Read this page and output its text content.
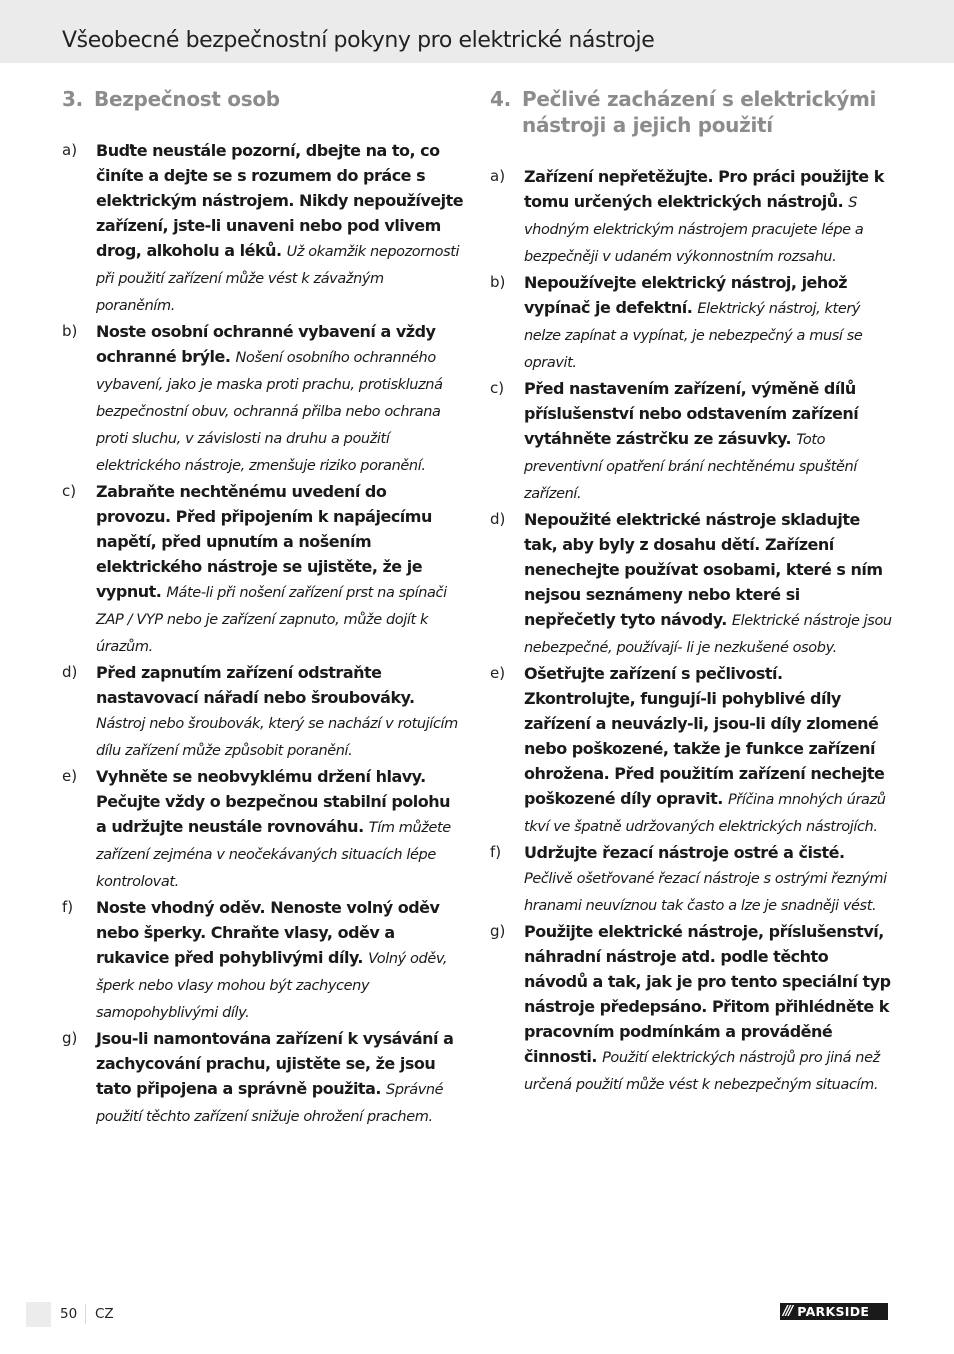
Všeobecné bezpečnostní pokyny pro elektrické nástroje
3. Bezpečnost osob
a)	Buďte neustále pozorní, dbejte na to, co činíte a dejte se s rozumem do práce s elektrickým nástrojem. Nikdy nepoužívejte zařízení, jste-li unaveni nebo pod vlivem drog, alkoholu a léků. Už okamžik nepozornosti při použití zařízení může vést k závažným poraněním.
b)	Noste osobní ochranné vybavení a vždy ochranné brýle. Nošení osobního ochranného vybavení, jako je maska proti prachu, protiskluzná bezpečnostní obuv, ochranná přilba nebo ochrana proti sluchu, v závislosti na druhu a použití elektrického nástroje, zmenšuje riziko poranění.
c)	Zabraňte nechtěnému uvedení do provozu. Před připojením k napájecímu napětí, před upnutím a nošením elektrického nástroje se ujistěte, že je vypnut. Máte-li při nošení zařízení prst na spínači ZAP / VYP nebo je zařízení zapnuto, může dojít k úrazům.
d)	Před zapnutím zařízení odstraňte nastavovací nářadí nebo šroubováky. Nástroj nebo šroubovák, který se nachází v rotujícím dílu zařízení může způsobit poranění.
e)	Vyhněte se neobvyklému držení hlavy. Pečujte vždy o bezpečnou stabilní polohu a udržujte neustále rovnováhu. Tím můžete zařízení zejména v neočekávaných situacích lépe kontrolovat.
f)	Noste vhodný oděv. Nenoste volný oděv nebo šperky. Chraňte vlasy, oděv a rukavice před pohyblivými díly. Volný oděv, šperk nebo vlasy mohou být zachyceny samopohyblivými díly.
g)	Jsou-li namontována zařízení k vysávání a zachycování prachu, ujistěte se, že jsou tato připojena a správně použita. Správné použití těchto zařízení snižuje ohrožení prachem.
4. Pečlivé zacházení s elektrickými nástroji a jejich použití
a)	Zařízení nepřetěžujte. Pro práci použijte k tomu určených elektrických nástrojů. S vhodným elektrickým nástrojem pracujete lépe a bezpečněji v udaném výkonnostním rozsahu.
b)	Nepoužívejte elektrický nástroj, jehož vypínač je defektní. Elektrický nástroj, který nelze zapínat a vypínat, je nebezpečný a musí se opravit.
c)	Před nastavením zařízení, výměně dílů příslušenství nebo odstavením zařízení vytáhněte zástrčku ze zásuvky. Toto preventivní opatření brání nechtěnému spuštění zařízení.
d)	Nepoužité elektrické nástroje skladujte tak, aby byly z dosahu dětí. Zařízení nenechejte používat osobami, které s ním nejsou seznámeny nebo které si nepřečetly tyto návody. Elektrické nástroje jsou nebezpečné, používají- li je nezkušené osoby.
e)	Ošetřujte zařízení s pečlivostí. Zkontrolujte, fungují-li pohyblivé díly zařízení a neuvázly-li, jsou-li díly zlomené nebo poškozené, takže je funkce zařízení ohrožena. Před použitím zařízení nechejte poškozené díly opravit. Příčina mnohých úrazů tkví ve špatně udržovaných elektrických nástrojích.
f)	Udržujte řezací nástroje ostré a čisté. Pečlivě ošetřované řezací nástroje s ostrými řeznými hranami neuvíznou tak často a lze je snadněji vést.
g)	Použijte elektrické nástroje, příslušenství, náhradní nástroje atd. podle těchto návodů a tak, jak je pro tento speciální typ nástroje předepsáno. Přitom přihlédněte k pracovním podmínkám a prováděné činnosti. Použití elektrických nástrojů pro jiná než určená použití může vést k nebezpečným situacím.
50 CZ	/// PARKSIDE
